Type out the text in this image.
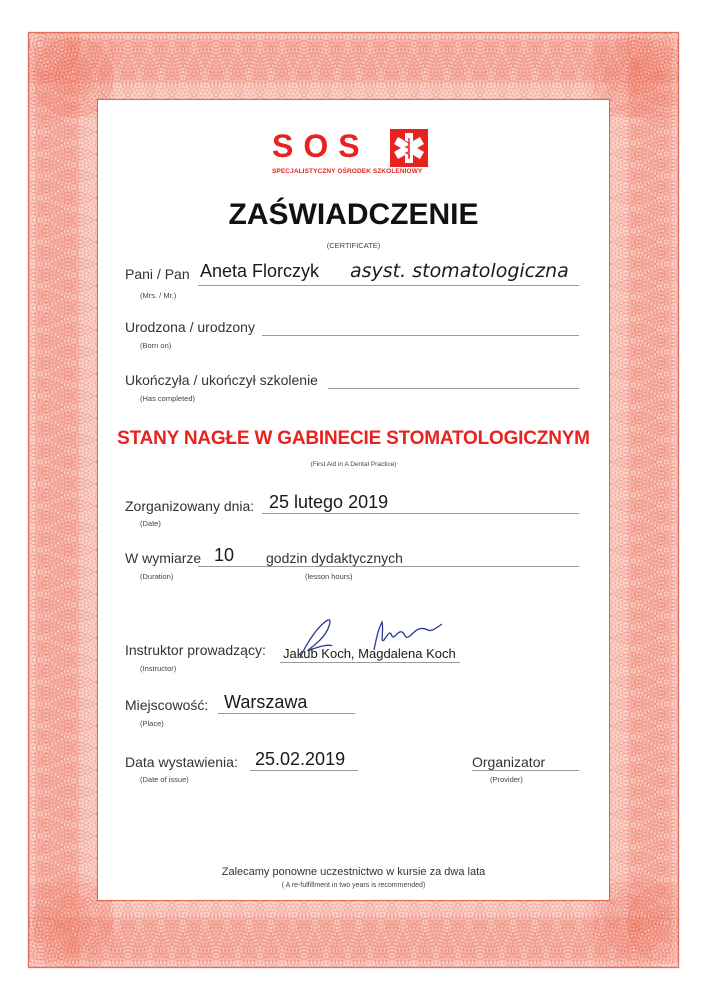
SOS
SPECJALISTYCZNY OŚRODEK SZKOLENIOWY
ZAŚWIADCZENIE
(CERTIFICATE)
Pani / Pan Aneta Florczyk asyst. stomatologiczna
(Mrs. / Mr.)
Urodzona / urodzony
(Born on)
Ukończyła / ukończył szkolenie
(Has completed)
STANY NAGŁE W GABINECIE STOMATOLOGICZNYM
(First Aid in A Dental Practice)
Zorganizowany dnia: 25 lutego 2019
(Date)
W wymiarze 10 godzin dydaktycznych
(Duration)	(lesson hours)
Instruktor prowadzący: Jakub Koch, Magdalena Koch
(Instructor)
Miejscowość: Warszawa
(Place)
Data wystawienia: 25.02.2019
(Date of issue)
Organizator
(Provider)
Zalecamy ponowne uczestnictwo w kursie za dwa lata
( A re-fulfillment in two years is recommended)
